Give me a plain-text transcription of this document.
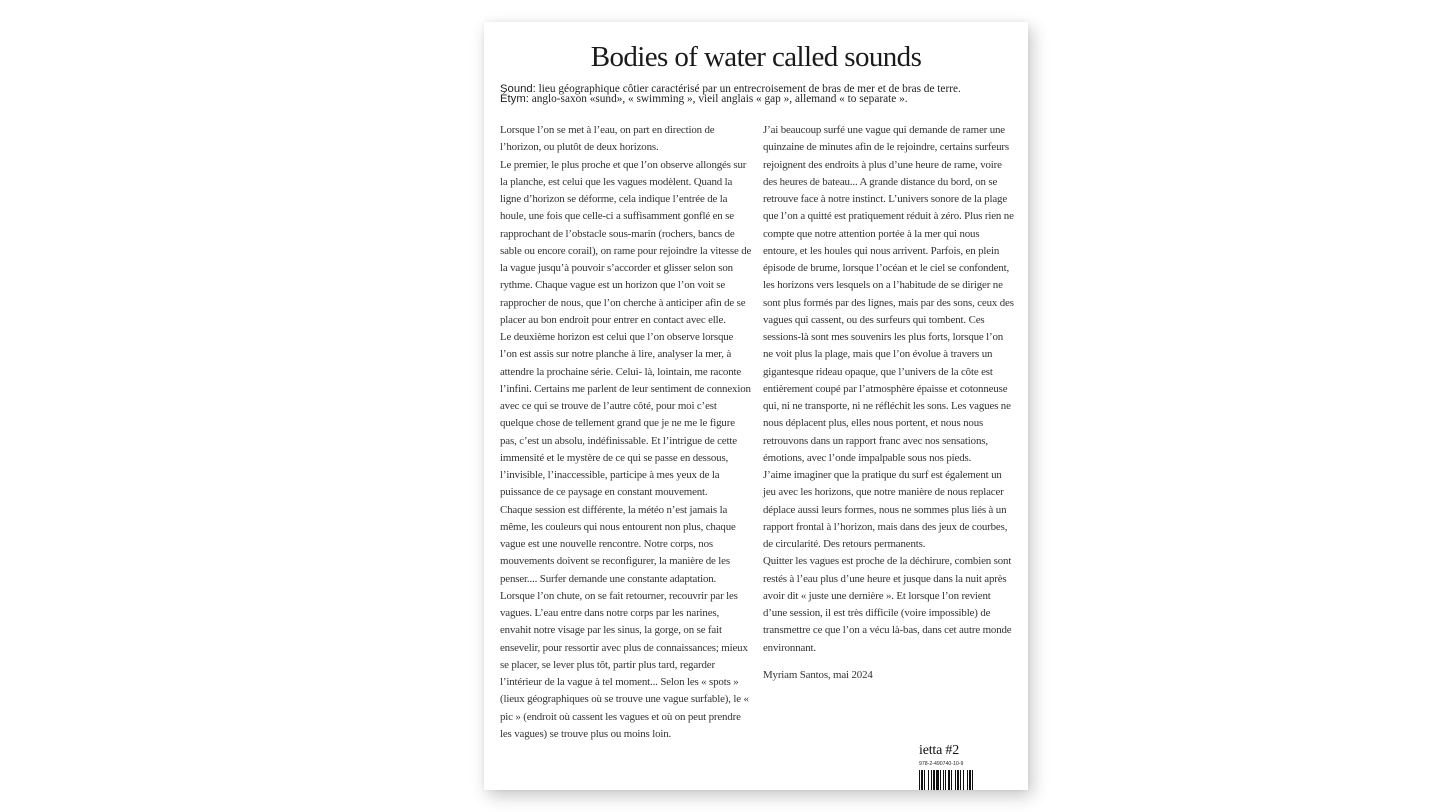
Bodies of water called sounds
Sound: lieu géographique côtier caractérisé par un entrecroisement de bras de mer et de bras de terre.
Étym: anglo-saxon «sund», « swimming », vieil anglais « gap », allemand « to separate ».

Lorsque l’on se met à l’eau, on part en direction de l’horizon, ou plutôt de deux horizons.

Le premier, le plus proche et que l’on observe allongés sur la planche, est celui que les vagues modèlent. Quand la ligne d’horizon se déforme, cela indique l’entrée de la houle, une fois que celle-ci a suffisamment gonflé en se rapprochant de l’obstacle sous-marin (rochers, bancs de sable ou encore corail), on rame pour rejoindre la vitesse de la vague jusqu’à pouvoir s’accorder et glisser selon son rythme. Chaque vague est un horizon que l’on voit se rapprocher de nous, que l’on cherche à anticiper afin de se placer au bon endroit pour entrer en contact avec elle.

Le deuxième horizon est celui que l’on observe lorsque l’on est assis sur notre planche à lire, analyser la mer, à attendre la prochaine série. Celui- là, lointain, me raconte l’infini. Certains me parlent de leur sentiment de connexion avec ce qui se trouve de l’autre côté, pour moi c’est quelque chose de tellement grand que je ne me le figure pas, c’est un absolu, indéfinissable. Et l’intrigue de cette immensité et le mystère de ce qui se passe en dessous, l’invisible, l’inaccessible, participe à mes yeux de la puissance de ce paysage en constant mouvement.

Chaque session est différente, la météo n’est jamais la même, les couleurs qui nous entourent non plus, chaque vague est une nouvelle rencontre. Notre corps, nos mouvements doivent se reconfigurer, la manière de les penser.... Surfer demande une constante adaptation.

Lorsque l’on chute, on se fait retourner, recouvrir par les vagues. L’eau entre dans notre corps par les narines, envahit notre visage par les sinus, la gorge, on se fait ensevelir, pour ressortir avec plus de connaissances; mieux se placer, se lever plus tôt, partir plus tard, regarder l’intérieur de la vague à tel moment... Selon les « spots » (lieux géographiques où se trouve une vague surfable), le « pic » (endroit où cassent les vagues et où on peut prendre les vagues) se trouve plus ou moins loin.

J’ai beaucoup surfé une vague qui demande de ramer une quinzaine de minutes afin de le rejoindre, certains surfeurs rejoignent des endroits à plus d’une heure de rame, voire des heures de bateau... A grande distance du bord, on se retrouve face à notre instinct. L’univers sonore de la plage que l’on a quitté est pratiquement réduit à zéro. Plus rien ne compte que notre attention portée à la mer qui nous entoure, et les houles qui nous arrivent. Parfois, en plein épisode de brume, lorsque l’océan et le ciel se confondent, les horizons vers lesquels on a l’habitude de se diriger ne sont plus formés par des lignes, mais par des sons, ceux des vagues qui cassent, ou des surfeurs qui tombent. Ces sessions-là sont mes souvenirs les plus forts, lorsque l’on ne voit plus la plage, mais que l’on évolue à travers un gigantesque rideau opaque, que l’univers de la côte est entièrement coupé par l’atmosphère épaisse et cotonneuse qui, ni ne transporte, ni ne réfléchit les sons. Les vagues ne nous déplacent plus, elles nous portent, et nous nous retrouvons dans un rapport franc avec nos sensations, émotions, avec l’onde impalpable sous nos pieds.

J’aime imaginer que la pratique du surf est également un jeu avec les horizons, que notre manière de nous replacer déplace aussi leurs formes, nous ne sommes plus liés à un rapport frontal à l’horizon, mais dans des jeux de courbes, de circularité. Des retours permanents.

Quitter les vagues est proche de la déchirure, combien sont restés à l’eau plus d’une heure et jusque dans la nuit après avoir dit « juste une dernière ». Et lorsque l’on revient d’une session, il est très difficile (voire impossible) de transmettre ce que l’on a vécu là-bas, dans cet autre monde environnant.

Myriam Santos, mai 2024

ietta #2
978-2-490740-10-9
